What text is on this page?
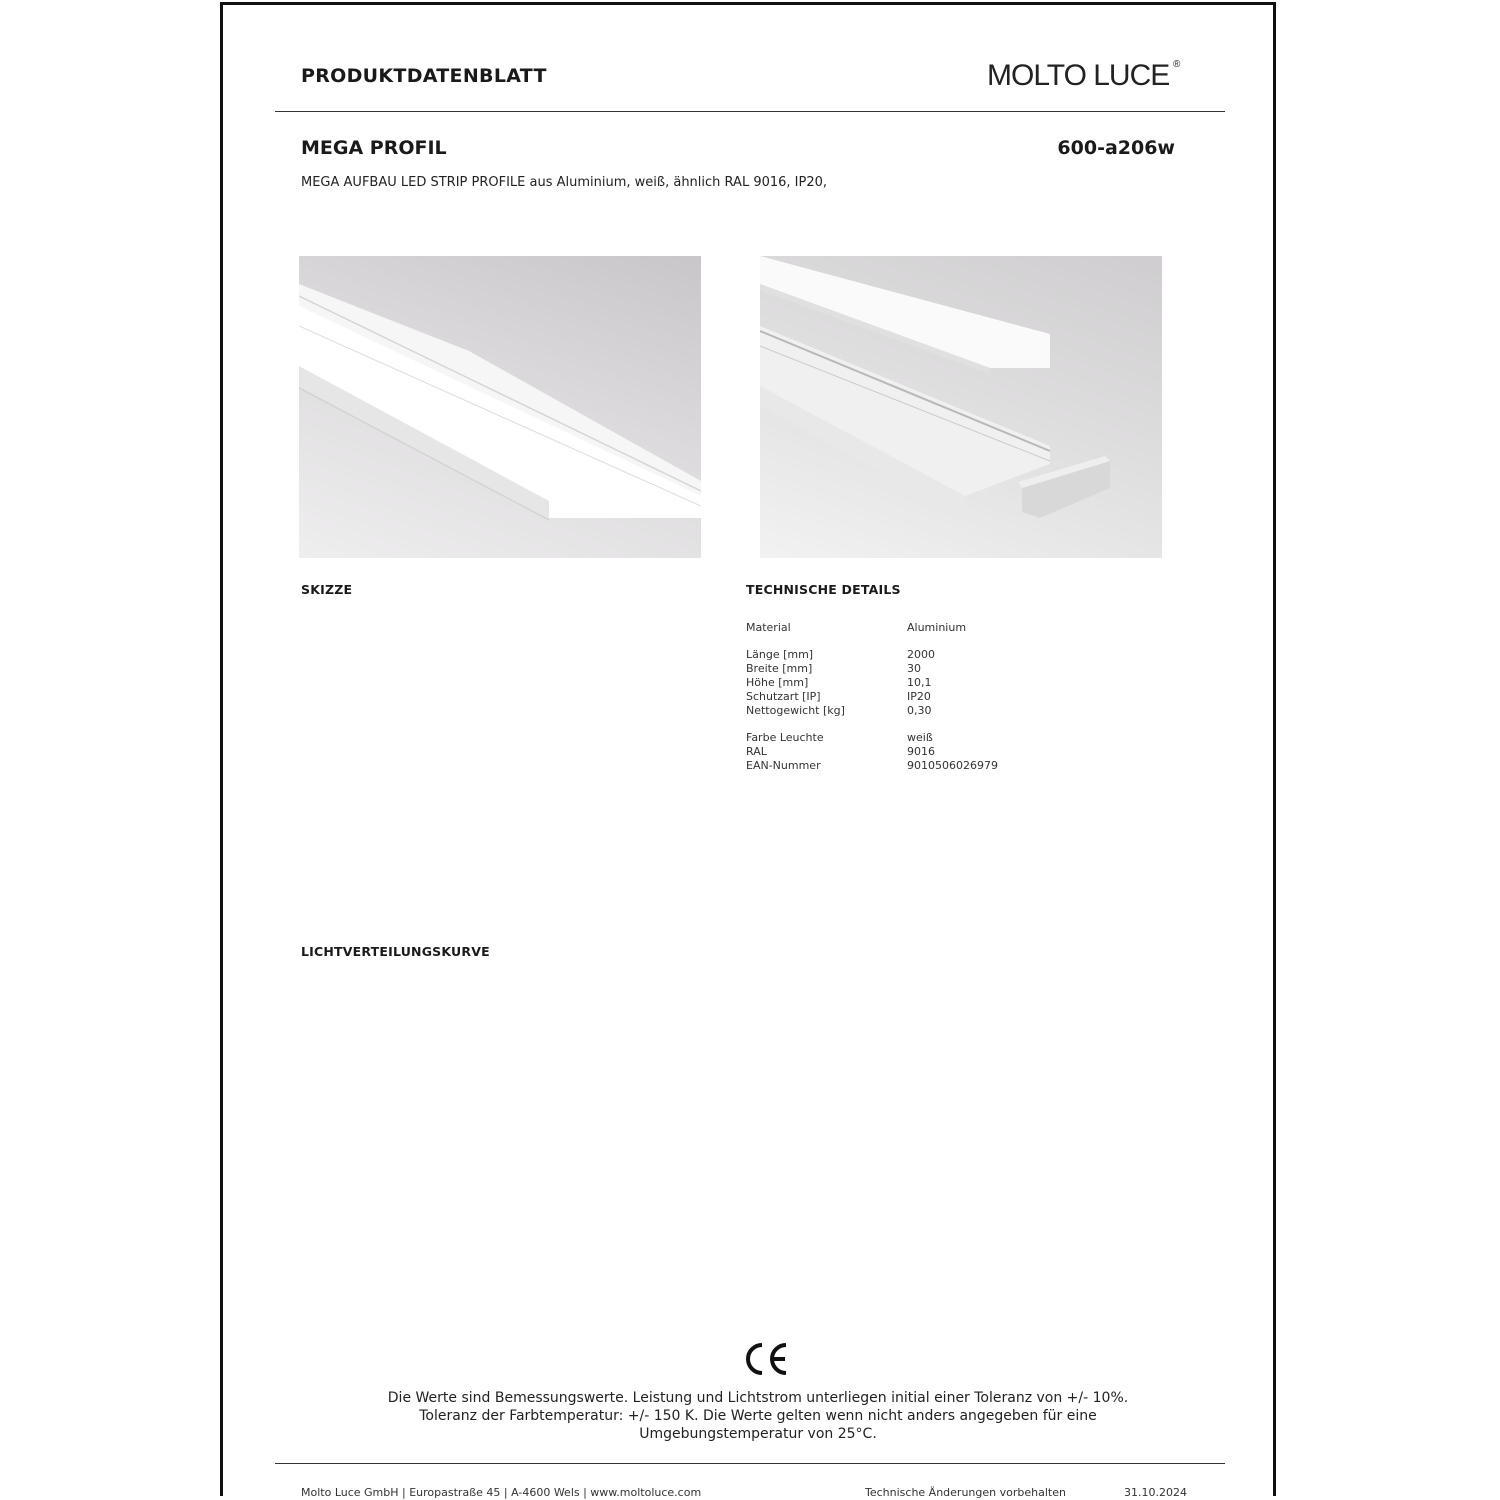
PRODUKTDATENBLATT	MOLTO LUCE ®
MEGA PROFIL	600-a206w
MEGA AUFBAU LED STRIP PROFILE aus Aluminium, weiß, ähnlich RAL 9016, IP20,
SKIZZE	TECHNISCHE DETAILS
Material	Aluminium

Länge [mm]	2000
Breite [mm]	30
Höhe [mm]	10,1
Schutzart [IP]	IP20
Nettogewicht [kg]	0,30

Farbe Leuchte	weiß
RAL	9016
EAN-Nummer	9010506026979
LICHTVERTEILUNGSKURVE
Die Werte sind Bemessungswerte. Leistung und Lichtstrom unterliegen initial einer Toleranz von +/- 10%.
Toleranz der Farbtemperatur: +/- 150 K. Die Werte gelten wenn nicht anders angegeben für eine
Umgebungstemperatur von 25°C.
Molto Luce GmbH | Europastraße 45 | A-4600 Wels | www.moltoluce.com	Technische Änderungen vorbehalten	31.10.2024
